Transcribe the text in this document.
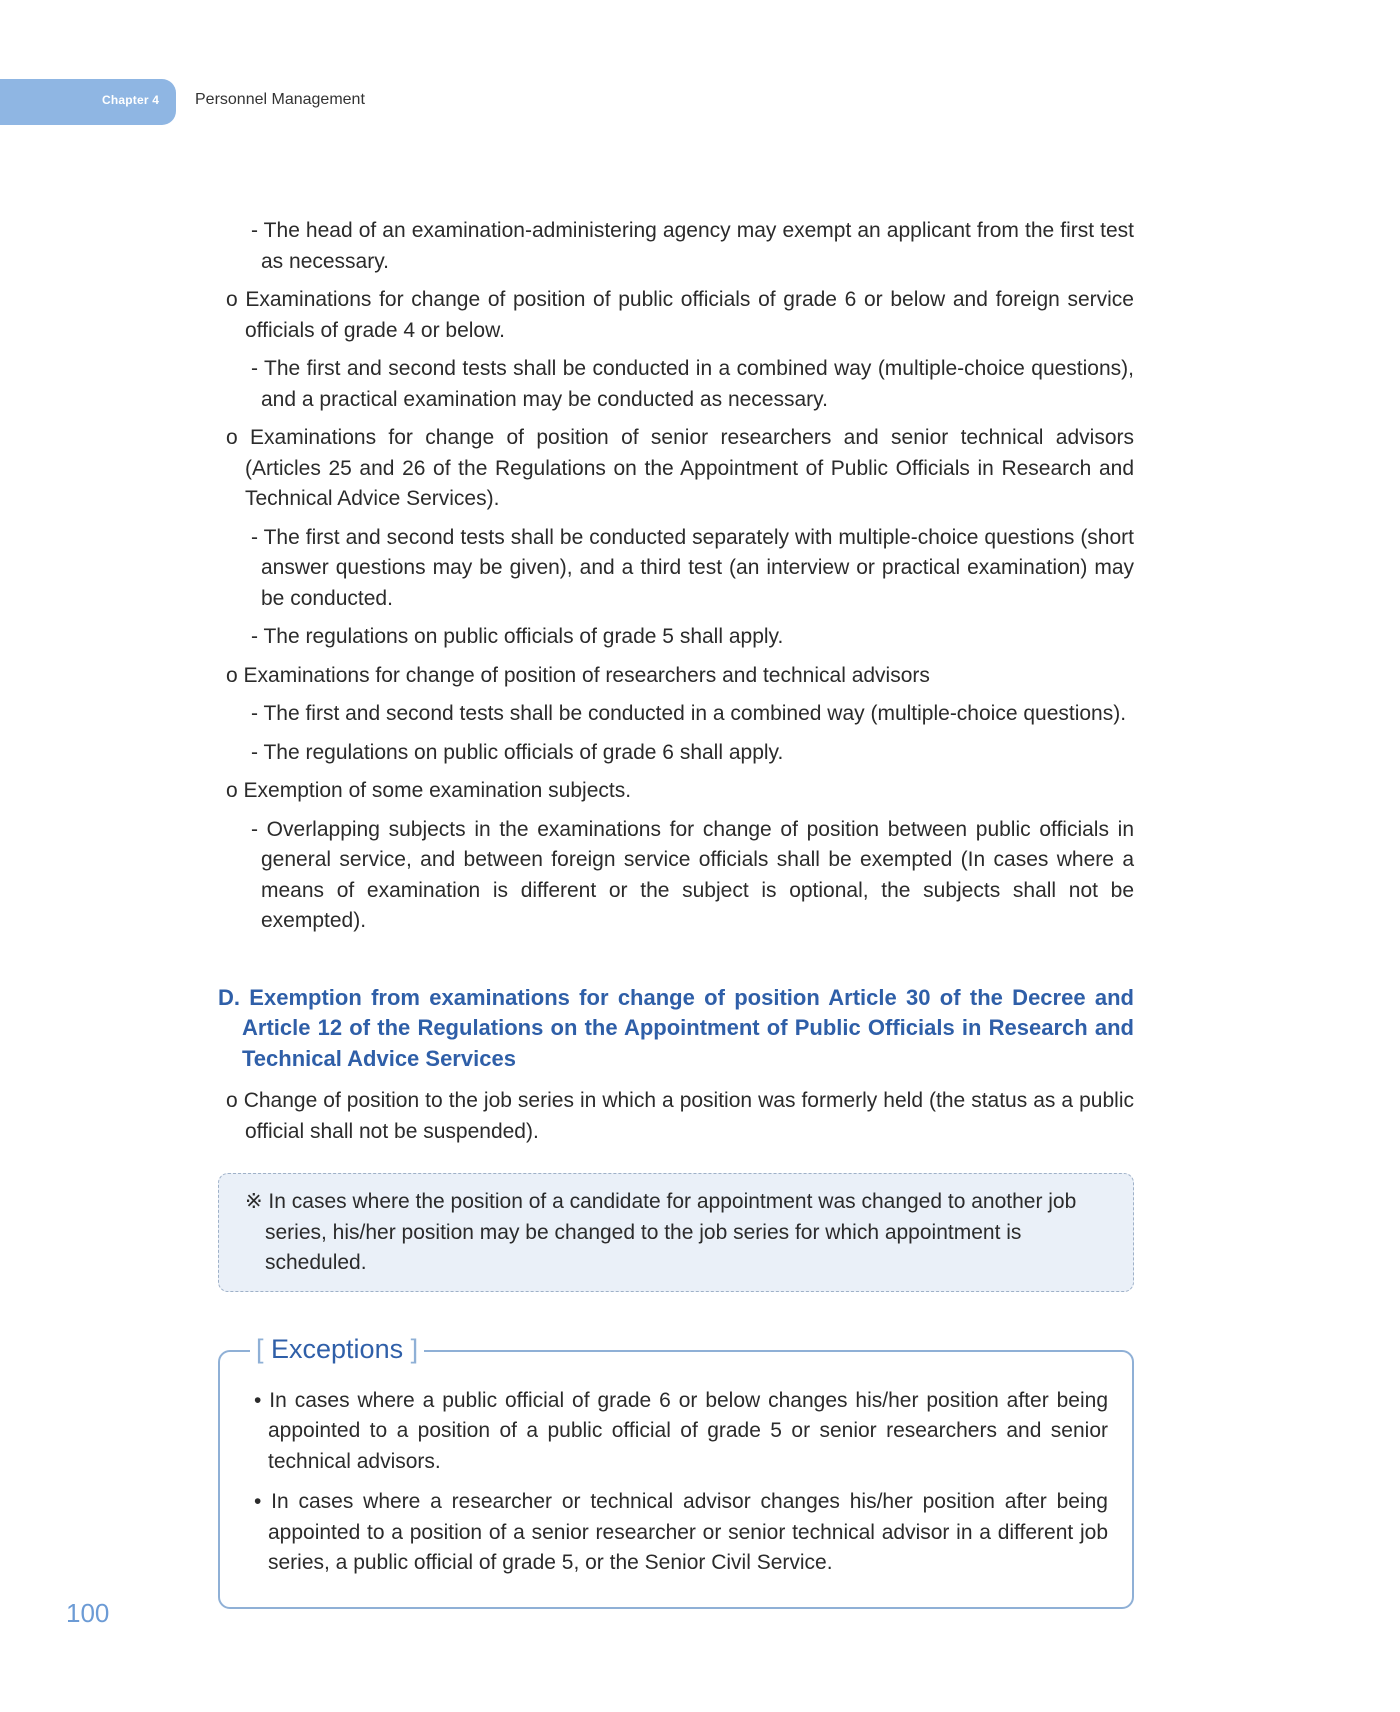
Chapter 4 Personnel Management

- The head of an examination-administering agency may exempt an applicant from the first test as necessary.

o Examinations for change of position of public officials of grade 6 or below and foreign service officials of grade 4 or below.

- The first and second tests shall be conducted in a combined way (multiple-choice questions), and a practical examination may be conducted as necessary.

o Examinations for change of position of senior researchers and senior technical advisors (Articles 25 and 26 of the Regulations on the Appointment of Public Officials in Research and Technical Advice Services).

- The first and second tests shall be conducted separately with multiple-choice questions (short answer questions may be given), and a third test (an interview or practical examination) may be conducted.

- The regulations on public officials of grade 5 shall apply.

o Examinations for change of position of researchers and technical advisors

- The first and second tests shall be conducted in a combined way (multiple-choice questions).

- The regulations on public officials of grade 6 shall apply.

o Exemption of some examination subjects.

- Overlapping subjects in the examinations for change of position between public officials in general service, and between foreign service officials shall be exempted (In cases where a means of examination is different or the subject is optional, the subjects shall not be exempted).

D. Exemption from examinations for change of position Article 30 of the Decree and Article 12 of the Regulations on the Appointment of Public Officials in Research and Technical Advice Services

o Change of position to the job series in which a position was formerly held (the status as a public official shall not be suspended).

※ In cases where the position of a candidate for appointment was changed to another job series, his/her position may be changed to the job series for which appointment is scheduled.
[ Exceptions ]

• In cases where a public official of grade 6 or below changes his/her position after being appointed to a position of a public official of grade 5 or senior researchers and senior technical advisors.

• In cases where a researcher or technical advisor changes his/her position after being appointed to a position of a senior researcher or senior technical advisor in a different job series, a public official of grade 5, or the Senior Civil Service.

100
